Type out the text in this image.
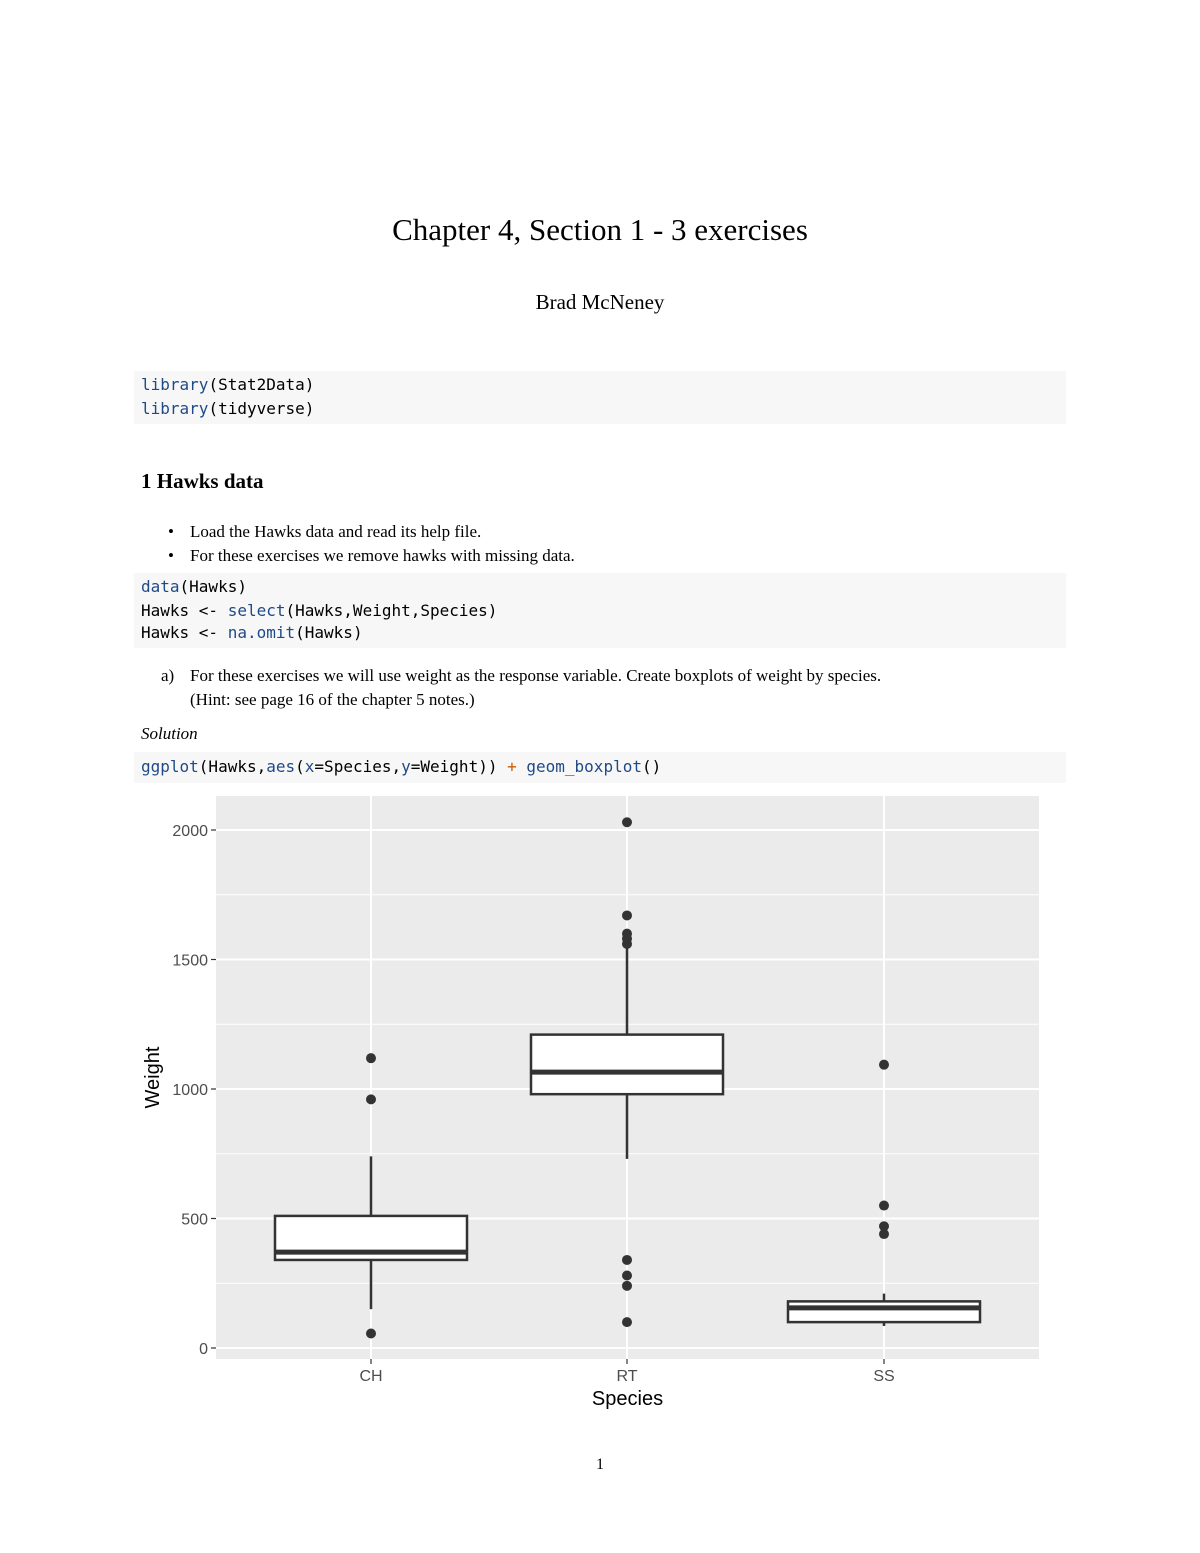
Chapter 4, Section 1 - 3 exercises
Brad McNeney
library(Stat2Data)
library(tidyverse)
1 Hawks data
• Load the Hawks data and read its help file.
• For these exercises we remove hawks with missing data.
data(Hawks)
Hawks <- select(Hawks,Weight,Species)
Hawks <- na.omit(Hawks)
a) For these exercises we will use weight as the response variable. Create boxplots of weight by species.
(Hint: see page 16 of the chapter 5 notes.)
Solution
ggplot(Hawks,aes(x=Species,y=Weight)) + geom_boxplot()
0
500
1000
1500
2000
CH	RT	SS
Species
Weight
1
